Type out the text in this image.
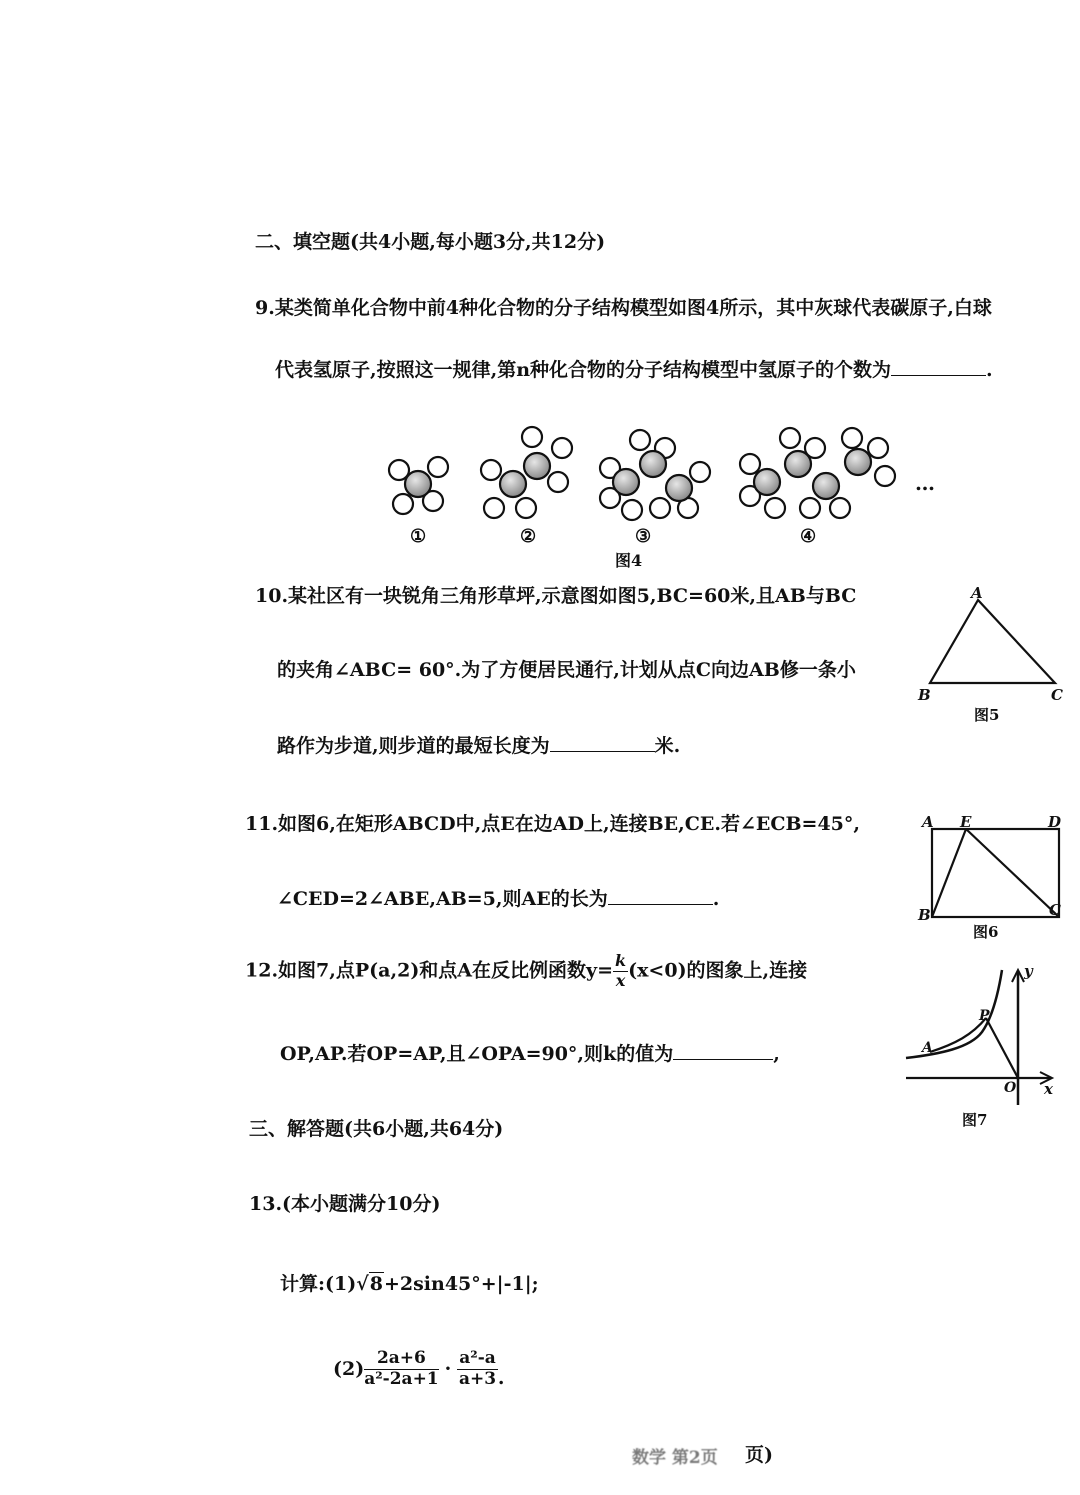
二、填空题(共4小题,每小题3分,共12分)
9.某类简单化合物中前4种化合物的分子结构模型如图4所示，其中灰球代表碳原子,白球
代表氢原子,按照这一规律,第n种化合物的分子结构模型中氢原子的个数为	.
…
①	②	③	④
图4
10.某社区有一块锐角三角形草坪,示意图如图5,BC=60米,且AB与BC
的夹角∠ABC= 60°.为了方便居民通行,计划从点C向边AB修一条小
路作为步道,则步道的最短长度为	米.
A
B	C
图5
11.如图6,在矩形ABCD中,点E在边AD上,连接BE,CE.若∠ECB=45°,
∠CED=2∠ABE,AB=5,则AE的长为	.
A E	D
B	C
图6
12.如图7,点P(a,2)和点A在反比例函数$y= \frac{k}{x} (x<0)$的图象上,连接
OP,AP.若OP=AP,且∠OPA=90°,则k的值为	,
y
x
P
A
O
图7
三、解答题(共6小题,共64分)
13.(本小题满分10分)
计算:(1)√8+2sin45°+|-1|;
$(2) \frac{2a+6}{\text{a²-2a+1}} \cdot \frac{\text{a²-a}}{a+3}$ .
数学 第2页 页)
